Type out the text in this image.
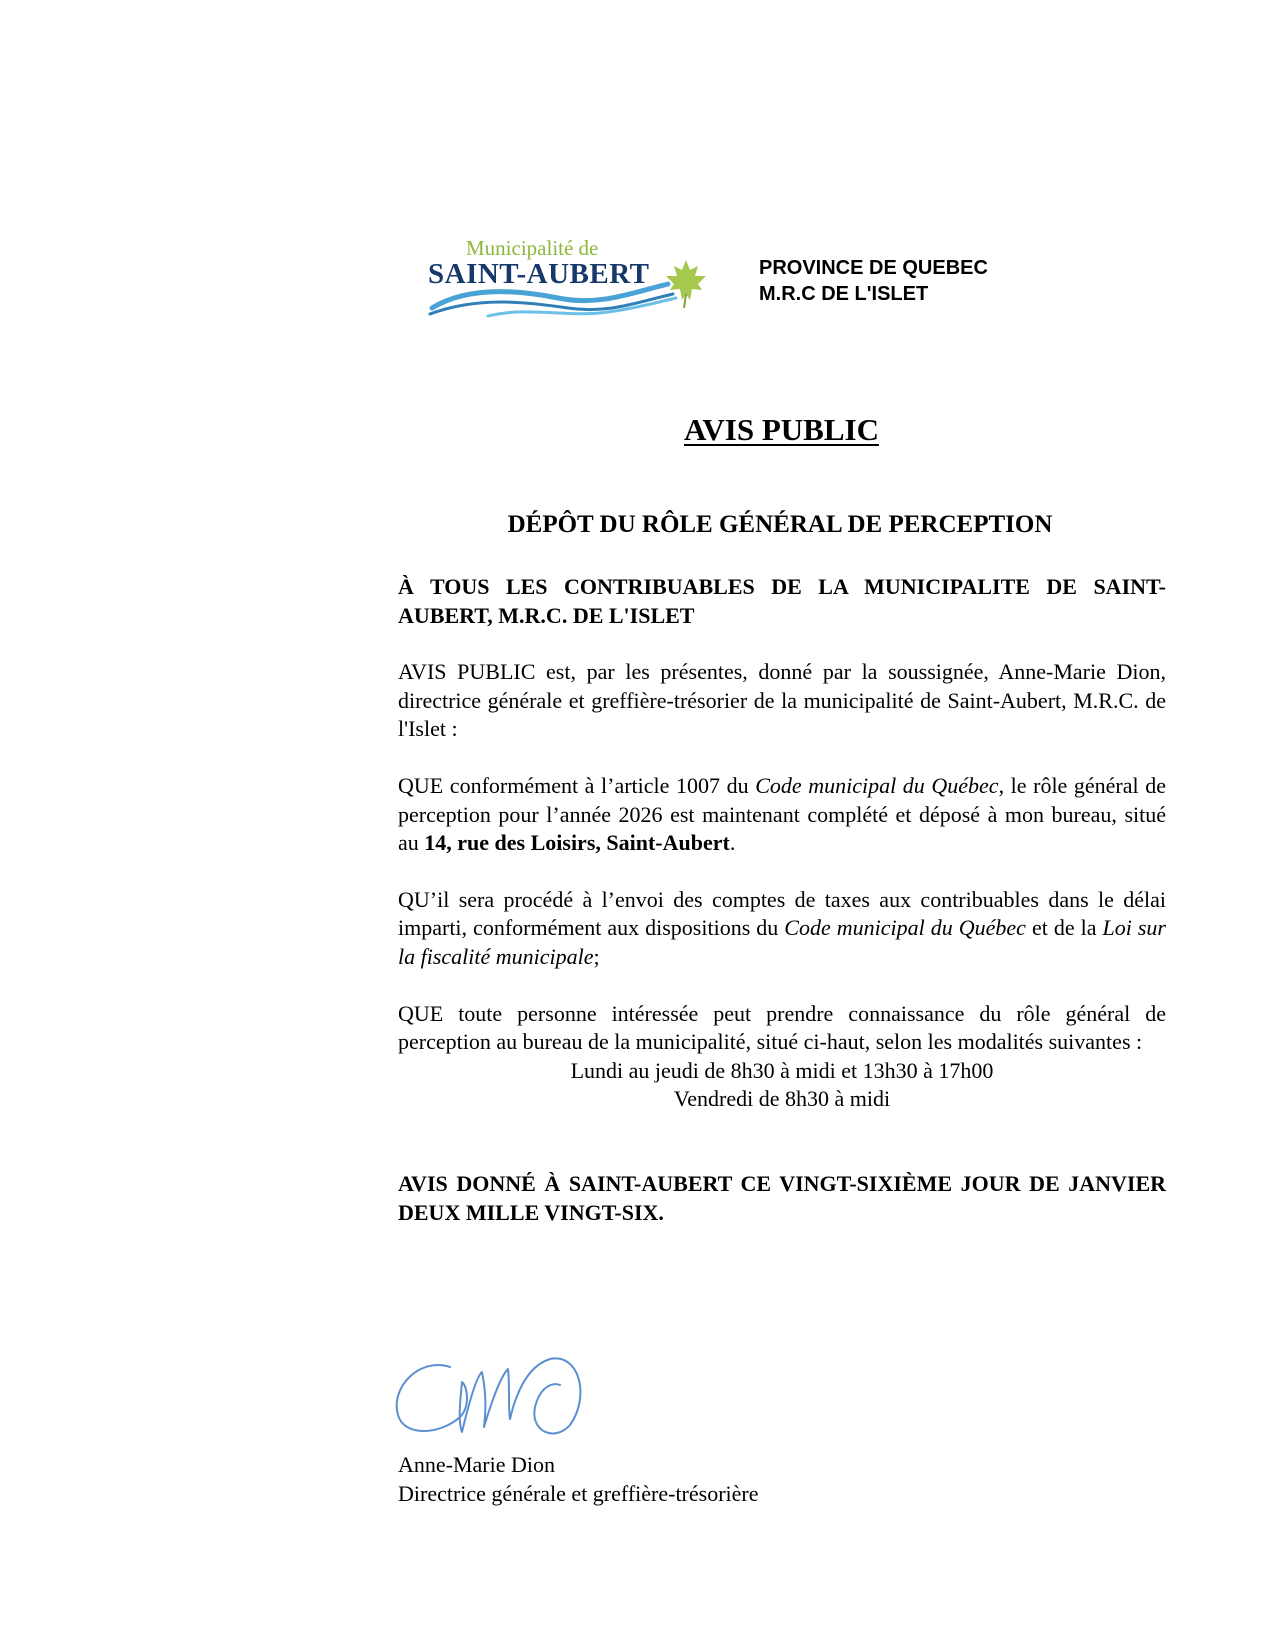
Municipalité de
SAINT-AUBERT	PROVINCE DE QUEBEC
M.R.C DE L'ISLET
AVIS PUBLIC
DÉPÔT DU RÔLE GÉNÉRAL DE PERCEPTION

À TOUS LES CONTRIBUABLES DE LA MUNICIPALITE DE SAINT-AUBERT, M.R.C. DE L'ISLET

AVIS PUBLIC est, par les présentes, donné par la soussignée, Anne-Marie Dion, directrice générale et greffière-trésorier de la municipalité de Saint-Aubert, M.R.C. de l'Islet :

QUE conformément à l’article 1007 du Code municipal du Québec, le rôle général de perception pour l’année 2026 est maintenant complété et déposé à mon bureau, situé au 14, rue des Loisirs, Saint-Aubert.

QU’il sera procédé à l’envoi des comptes de taxes aux contribuables dans le délai imparti, conformément aux dispositions du Code municipal du Québec et de la Loi sur la fiscalité municipale;

QUE toute personne intéressée peut prendre connaissance du rôle général de perception au bureau de la municipalité, situé ci-haut, selon les modalités suivantes :

Lundi au jeudi de 8h30 à midi et 13h30 à 17h00
Vendredi de 8h30 à midi

AVIS DONNÉ À SAINT-AUBERT CE VINGT-SIXIÈME JOUR DE JANVIER DEUX MILLE VINGT-SIX.

Anne-Marie Dion
Directrice générale et greffière-trésorière
